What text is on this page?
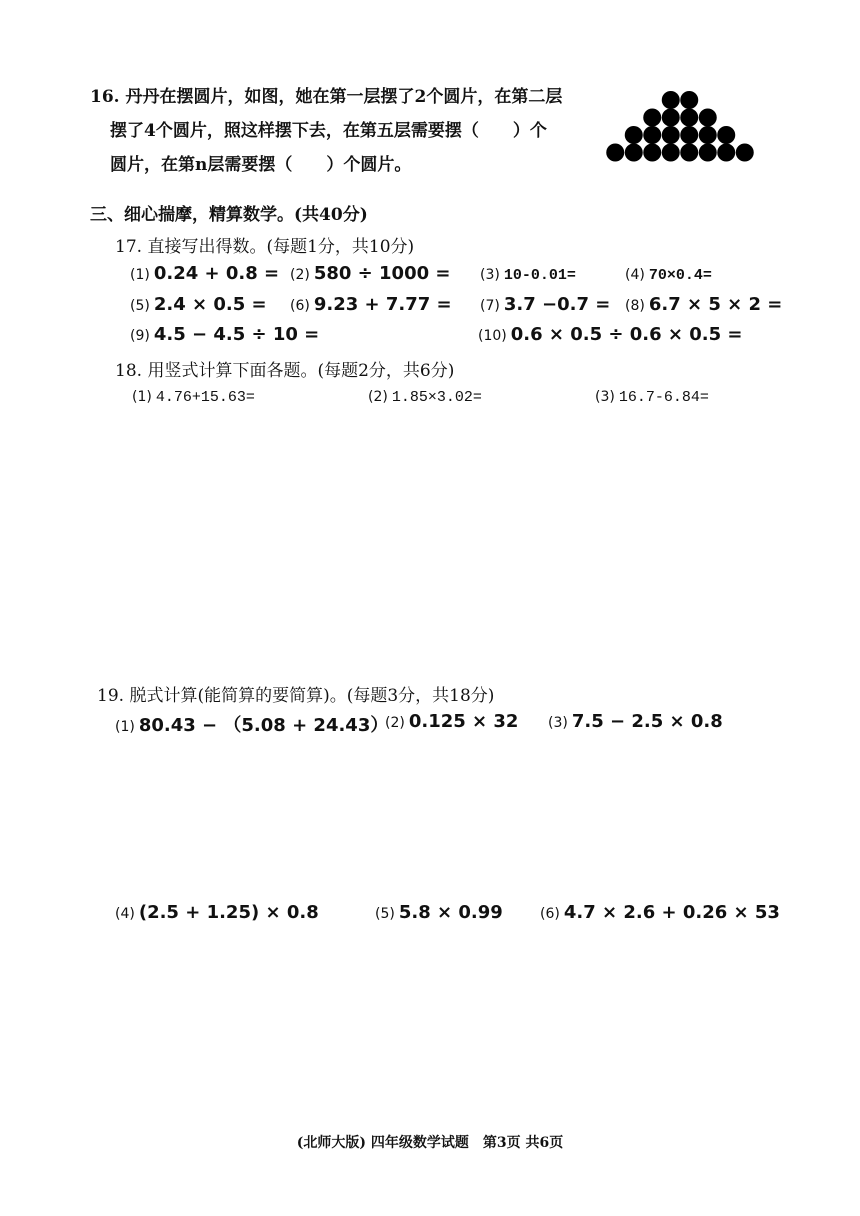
16. 丹丹在摆圆片，如图，她在第一层摆了2个圆片，在第二层
摆了4个圆片，照这样摆下去，在第五层需要摆（　　）个
圆片，在第n层需要摆（　　）个圆片。
三、细心揣摩，精算数学。(共40分)
17. 直接写出得数。(每题1分，共10分)
(1) 0.24 + 0.8 = (2) 580 ÷ 1000 = (3) 10-0.01=	(4) 70×0.4=
(5) 2.4 × 0.5 = (6) 9.23 + 7.77 = (7) 3.7 −0.7 = (8) 6.7 × 5 × 2 =
(9) 4.5 − 4.5 ÷ 10 =	(10) 0.6 × 0.5 ÷ 0.6 × 0.5 =
18. 用竖式计算下面各题。(每题2分，共6分)
(1) 4.76+15.63=	(2) 1.85×3.02=	(3) 16.7-6.84=
19. 脱式计算(能简算的要简算)。(每题3分，共18分)
(1) 80.43 − （5.08 + 24.43）
(2) 0.125 × 32 (3) 7.5 − 2.5 × 0.8
(4) (2.5 + 1.25) × 0.8	(5) 5.8 × 0.99	(6) 4.7 × 2.6 + 0.26 × 53
(北师大版) 四年级数学试题　第3页 共6页
